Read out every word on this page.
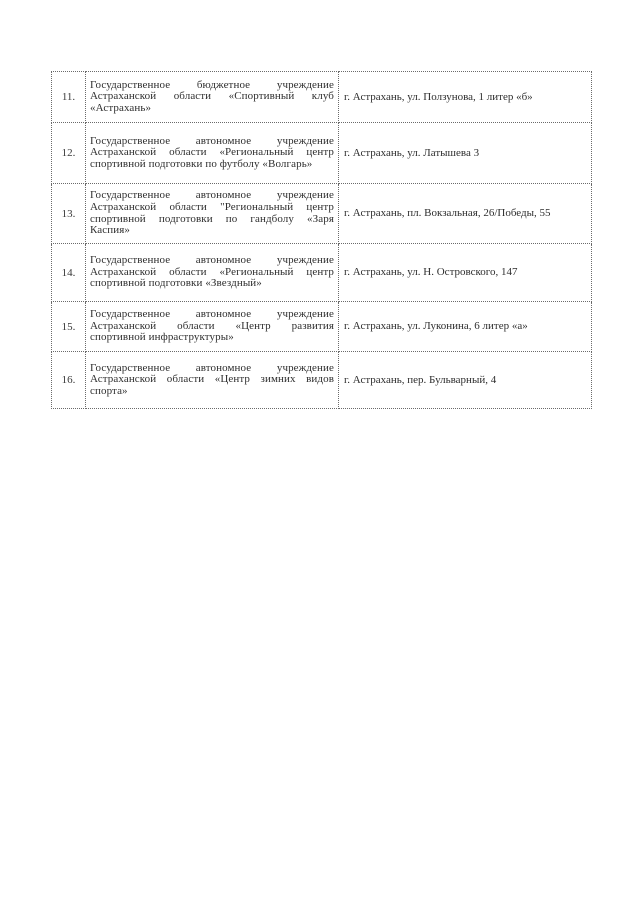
11.	Государственное бюджетное учреждение Астраханской области «Спортивный клуб «Астрахань»	г. Астрахань, ул. Ползунова, 1 литер «б»
12.	Государственное автономное учреждение Астраханской области «Региональный центр спортивной подготовки по футболу «Волгарь»	г. Астрахань, ул. Латышева 3
13.	Государственное автономное учреждение Астраханской области "Региональный центр спортивной подготовки по гандболу «Заря Каспия»	г. Астрахань, пл. Вокзальная, 26/Победы, 55
14.	Государственное автономное учреждение Астраханской области «Региональный центр спортивной подготовки «Звездный»	г. Астрахань, ул. Н. Островского, 147
15.	Государственное автономное учреждение Астраханской области «Центр развития спортивной инфраструктуры»	г. Астрахань, ул. Луконина, 6 литер «а»
16.	Государственное автономное учреждение Астраханской области «Центр зимних видов спорта»	г. Астрахань, пер. Бульварный, 4
